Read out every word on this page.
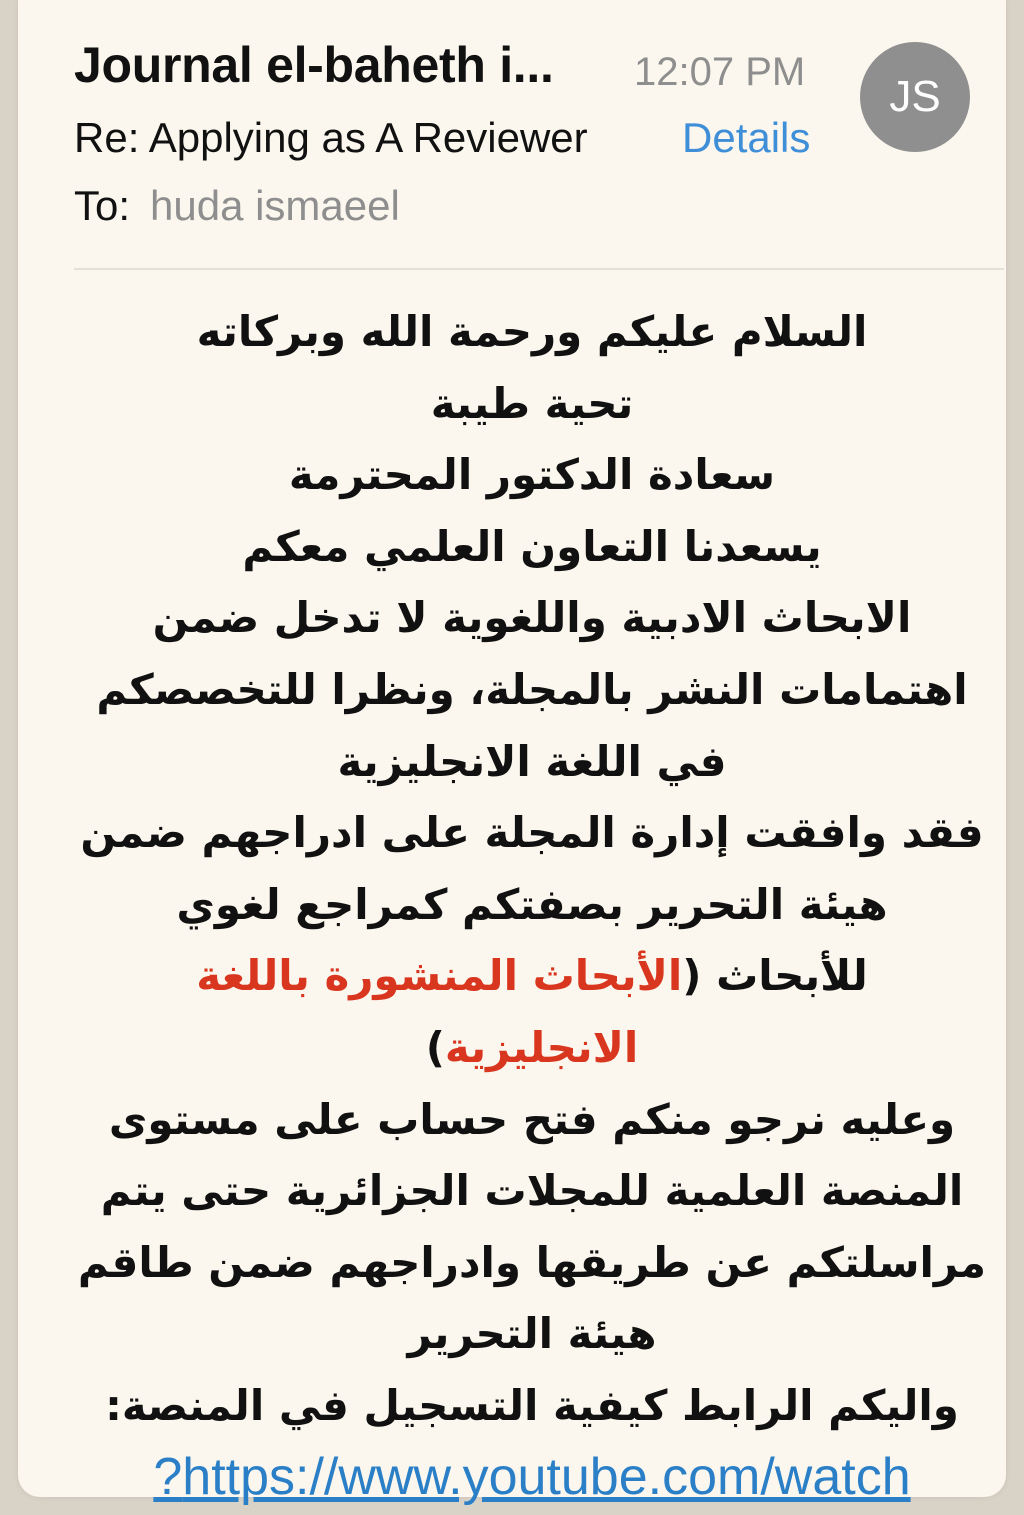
Journal el-baheth i... 12:07 PM
Re: Applying as A Reviewer Details
To: huda ismaeel
JS
السلام عليكم ورحمة الله وبركاته
تحية طيبة
سعادة الدكتور المحترمة
يسعدنا التعاون العلمي معكم
الابحاث الادبية واللغوية لا تدخل ضمن
اهتمامات النشر بالمجلة، ونظرا للتخصصكم
في اللغة الانجليزية
فقد وافقت إدارة المجلة على ادراجهم ضمن
هيئة التحرير بصفتكم كمراجع لغوي
للأبحاث (الأبحاث المنشورة باللغة
الانجليزية)
وعليه نرجو منكم فتح حساب على مستوى
المنصة العلمية للمجلات الجزائرية حتى يتم
مراسلتكم عن طريقها وادراجهم ضمن طاقم
هيئة التحرير
واليكم الرابط كيفية التسجيل في المنصة:
https://www.youtube.com/watch?
